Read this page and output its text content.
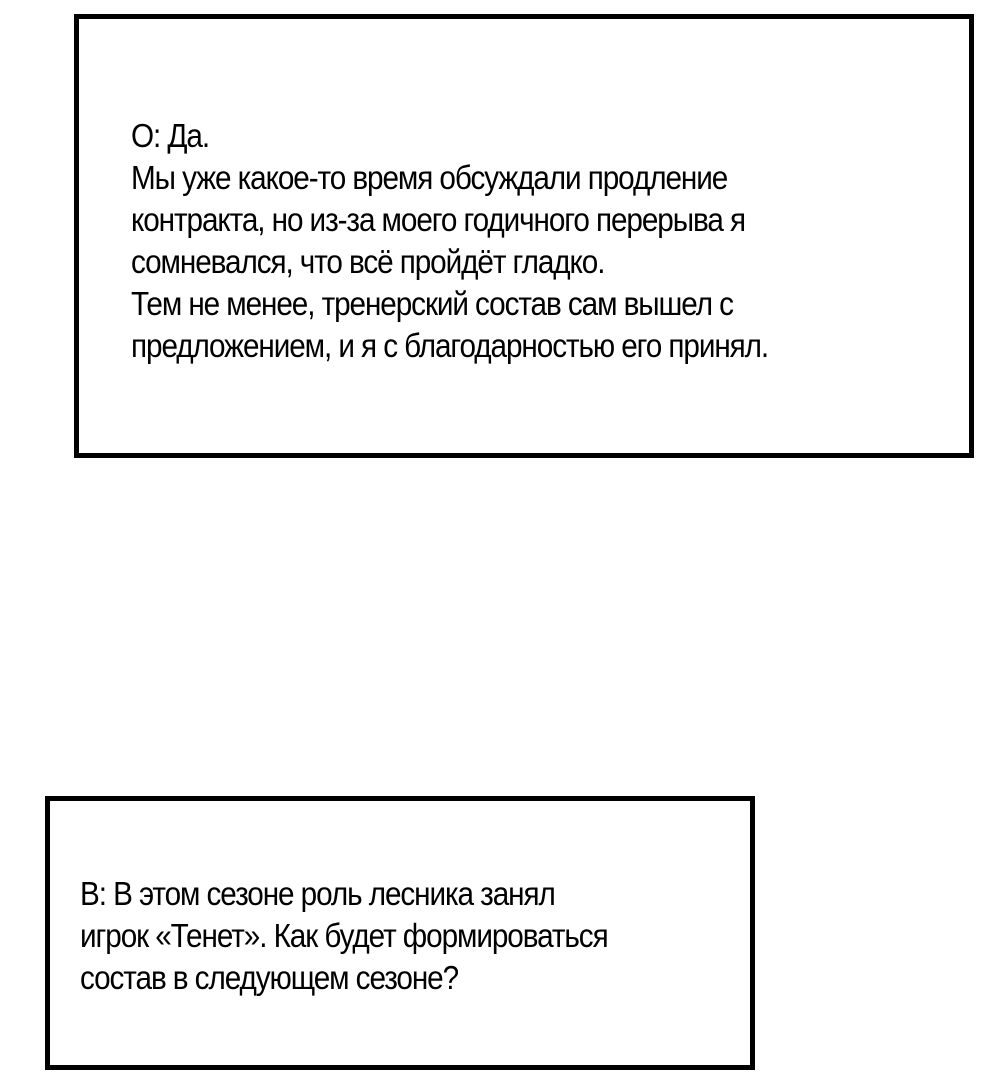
О: Да.
Мы уже какое-то время обсуждали продление
контракта, но из-за моего годичного перерыва я
сомневался, что всё пройдёт гладко.
Тем не менее, тренерский состав сам вышел с
предложением, и я с благодарностью его принял.
В: В этом сезоне роль лесника занял
игрок «Тенет». Как будет формироваться
состав в следующем сезоне?
